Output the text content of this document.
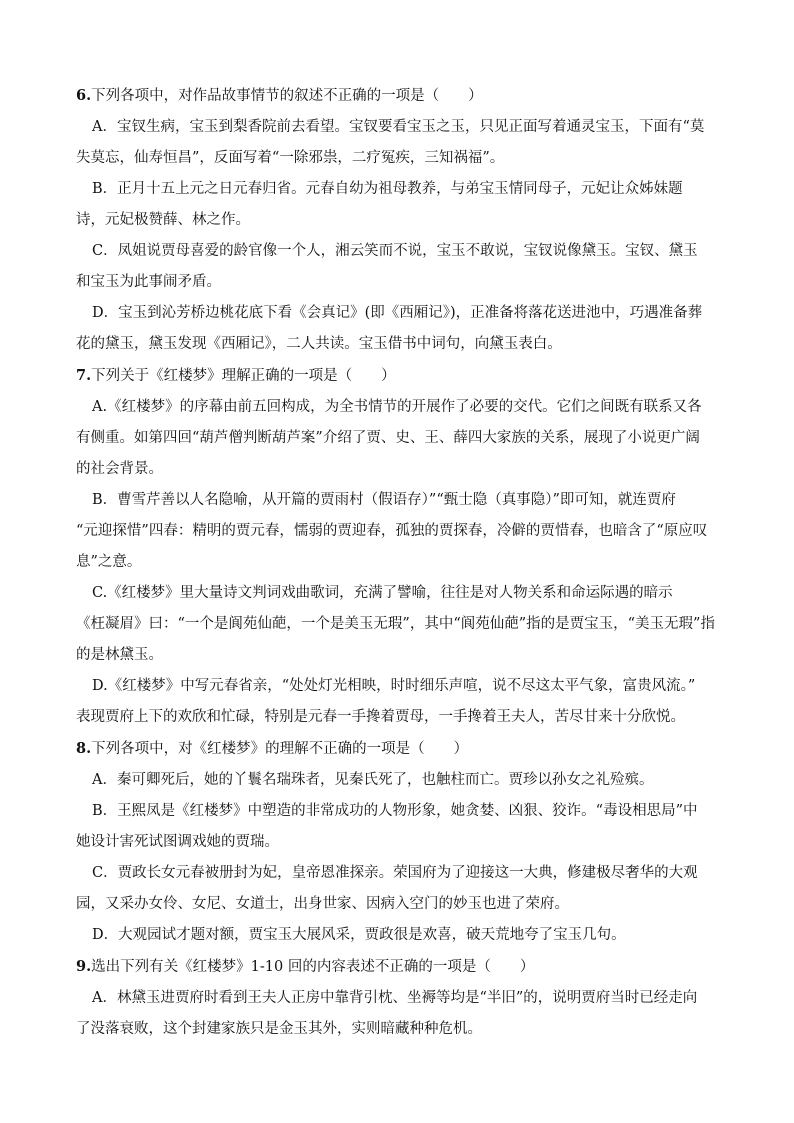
6.下列各项中，对作品故事情节的叙述不正确的一项是（　　）
A．宝钗生病，宝玉到梨香院前去看望。宝钗要看宝玉之玉，只见正面写着通灵宝玉，下面有“莫
失莫忘，仙寿恒昌”，反面写着“一除邪祟，二疗冤疾，三知祸福”。
B．正月十五上元之日元春归省。元春自幼为祖母教养，与弟宝玉情同母子，元妃让众姊妹题
诗，元妃极赞薛、林之作。
C．凤姐说贾母喜爱的龄官像一个人，湘云笑而不说，宝玉不敢说，宝钗说像黛玉。宝钗、黛玉
和宝玉为此事闹矛盾。
D．宝玉到沁芳桥边桃花底下看《会真记》(即《西厢记》)，正准备将落花送进池中，巧遇准备葬
花的黛玉，黛玉发现《西厢记》，二人共读。宝玉借书中词句，向黛玉表白。
7.下列关于《红楼梦》理解正确的一项是（　　）
A.《红楼梦》的序幕由前五回构成，为全书情节的开展作了必要的交代。它们之间既有联系又各
有侧重。如第四回“葫芦僧判断葫芦案”介绍了贾、史、王、薛四大家族的关系，展现了小说更广阔
的社会背景。
B．曹雪芹善以人名隐喻，从开篇的贾雨村（假语存）”“甄士隐（真事隐）”即可知，就连贾府
“元迎探惜”四春：精明的贾元春，懦弱的贾迎春，孤独的贾探春，冷僻的贾惜春，也暗含了“原应叹
息”之意。
C.《红楼梦》里大量诗文判词戏曲歌词，充满了譬喻，往往是对人物关系和命运际遇的暗示
《枉凝眉》曰：“一个是阆苑仙葩，一个是美玉无瑕”，其中“阆苑仙葩”指的是贾宝玉，“美玉无瑕”指
的是林黛玉。
D.《红楼梦》中写元春省亲，“处处灯光相映，时时细乐声喧，说不尽这太平气象，富贵风流。”
表现贾府上下的欢欣和忙碌，特别是元春一手搀着贾母，一手搀着王夫人，苦尽甘来十分欣悦。
8.下列各项中，对《红楼梦》的理解不正确的一项是（　　）
A．秦可卿死后，她的丫鬟名瑞珠者，见秦氏死了，也触柱而亡。贾珍以孙女之礼殓殡。
B．王熙凤是《红楼梦》中塑造的非常成功的人物形象，她贪婪、凶狠、狡诈。“毒设相思局”中
她设计害死试图调戏她的贾瑞。
C．贾政长女元春被册封为妃，皇帝恩准探亲。荣国府为了迎接这一大典，修建极尽奢华的大观
园，又采办女伶、女尼、女道士，出身世家、因病入空门的妙玉也进了荣府。
D．大观园试才题对额，贾宝玉大展风采，贾政很是欢喜，破天荒地夸了宝玉几句。
9.选出下列有关《红楼梦》1-10 回的内容表述不正确的一项是（　　）
A．林黛玉进贾府时看到王夫人正房中靠背引枕、坐褥等均是“半旧”的，说明贾府当时已经走向
了没落衰败，这个封建家族只是金玉其外，实则暗藏种种危机。
